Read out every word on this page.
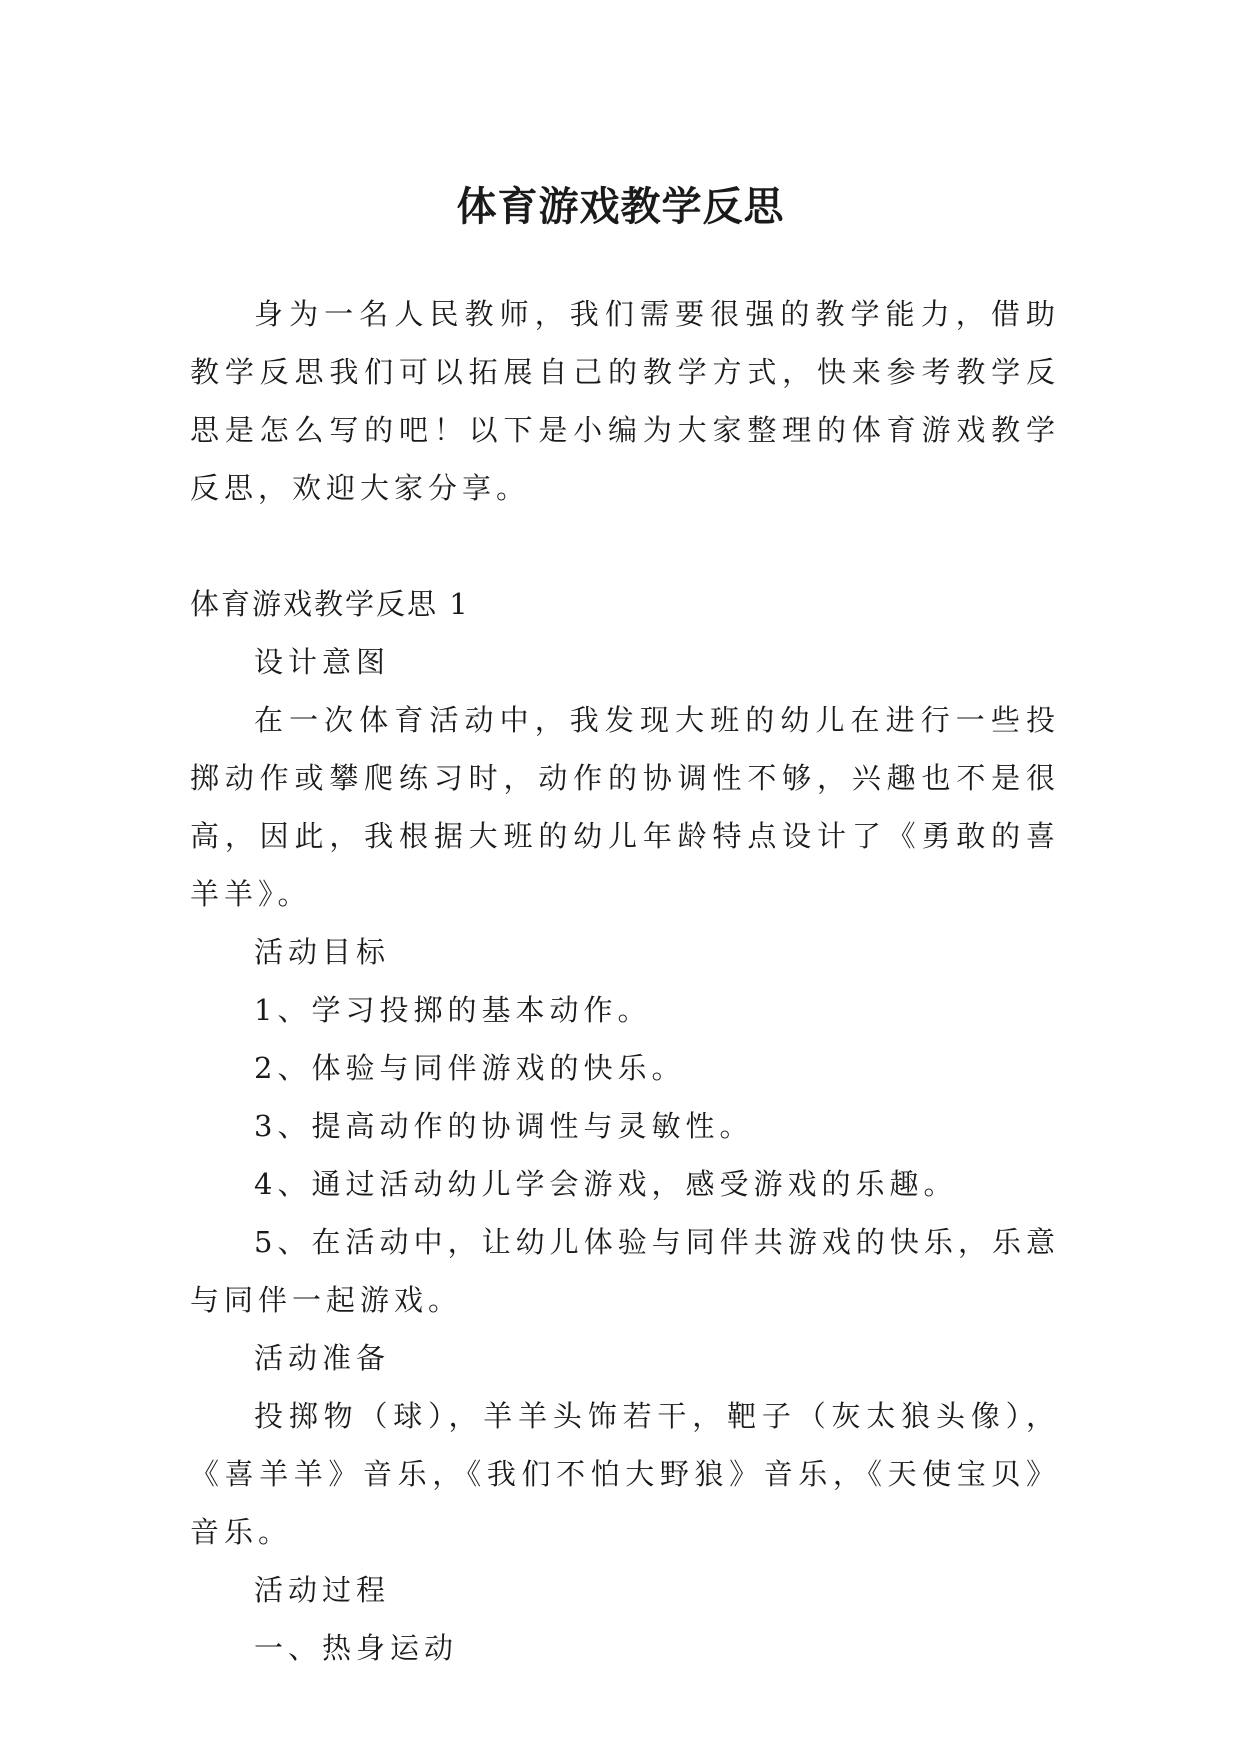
体育游戏教学反思

身为一名人民教师，我们需要很强的教学能力，借助教学反思我们可以拓展自己的教学方式，快来参考教学反思是怎么写的吧！以下是小编为大家整理的体育游戏教学反思，欢迎大家分享。

体育游戏教学反思 1

设计意图

在一次体育活动中，我发现大班的幼儿在进行一些投掷动作或攀爬练习时，动作的协调性不够，兴趣也不是很高，因此，我根据大班的幼儿年龄特点设计了《勇敢的喜羊羊》。

活动目标

1、学习投掷的基本动作。

2、体验与同伴游戏的快乐。

3、提高动作的协调性与灵敏性。

4、通过活动幼儿学会游戏，感受游戏的乐趣。

5、在活动中，让幼儿体验与同伴共游戏的快乐，乐意与同伴一起游戏。

活动准备

投掷物（球），羊羊头饰若干，靶子（灰太狼头像），《喜羊羊》音乐，《我们不怕大野狼》音乐，《天使宝贝》音乐。

活动过程

一、热身运动
